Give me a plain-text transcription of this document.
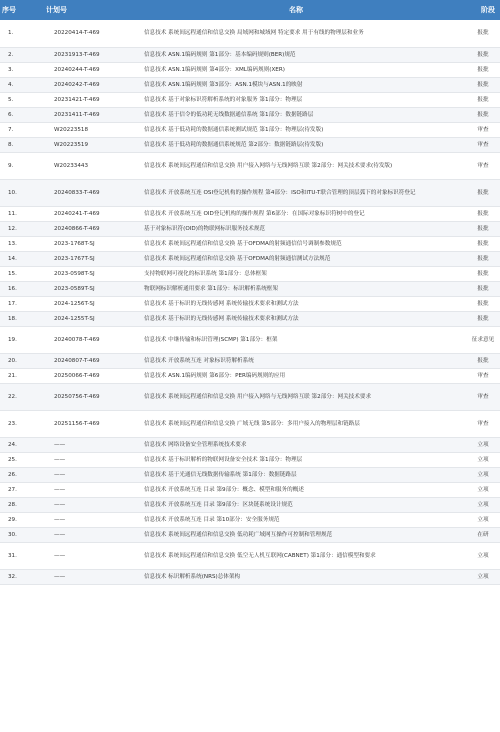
序号	计划号	名称	阶段
1.	20220414-T-469	信息技术 系统间远程通信和信息交换 局域网和城域网 特定要求 用于有线的物理层和业务	报批
2.	20231913-T-469	信息技术 ASN.1编码规则 第1部分：基本编码规则(BER)规范	报批
3.	20240244-T-469	信息技术 ASN.1编码规则 第4部分：XML编码规则(XER)	报批
4.	20240242-T-469	信息技术 ASN.1编码规则 第3部分：ASN.1模块与ASN.1的映射	报批
5.	20231421-T-469	信息技术 基于对象标识符解析系统的对象服务 第1部分：物理层	报批
6.	20231411-T-469	信息技术 基于信令的低功耗无线数据通信系统 第1部分：数据链路层	报批
7.	W20223518	信息技术 基于低功耗的数据通信系统测试规范 第1部分：物理层(待发版)	审查
8.	W20223519	信息技术 基于低功耗的数据通信系统规范 第2部分：数据链路层(待发版)	审查
9.	W20233443	信息技术 系统间远程通信和信息交换 用户接入网络与无线网络互联 第2部分：网关技术要求(待发版)	审查
10.	20240833-T-469	信息技术 开放系统互连 OSI登记机构的操作规程 第4部分：ISO和ITU-T联合管理的顶层弧下的对象标识符登记	报批
11.	20240241-T-469	信息技术 开放系统互连 OID登记机构的操作规程 第6部分：在国际对象标识符树中的登记	报批
12.	20240866-T-469	基于对象标识符(OID)的物联网标识服务技术规范	报批
13.	2023-1768T-SJ	信息技术 系统间远程通信和信息交换 基于OFDMA的射频通信信号调制参数规范	报批
14.	2023-1767T-SJ	信息技术 系统间远程通信和信息交换 基于OFDMA的射频通信测试方法规范	报批
15.	2023-0598T-SJ	支持物联网可视化的标识系统 第1部分：总体框架	报批
16.	2023-0589T-SJ	物联网标识解析通用要求 第1部分：标识解析系统框架	报批
17.	2024-1256T-SJ	信息技术 基于标识的无线传感网 系统传输技术要求和测试方法	报批
18.	2024-1255T-SJ	信息技术 基于标识的无线传感网 系统传输技术要求和测试方法	报批
19.	20240078-T-469	信息技术 中继传输和标识管理(SCMP) 第1部分：框架	征求意见
20.	20240807-T-469	信息技术 开放系统互连 对象标识符解析系统	报批
21.	20250066-T-469	信息技术 ASN.1编码规则 第6部分：PER编码规则的应用	审查
22.	20250756-T-469	信息技术 系统间远程通信和信息交换 用户接入网络与无线网络互联 第2部分：网关技术要求	审查
23.	20251156-T-469	信息技术 系统间远程通信和信息交换 广域无线 第5部分：多用户接入的物理层和链路层	审查
24.	——	信息技术 网络设备安全管理系统技术要求	立项
25.	——	信息技术 基于标识解析的物联网设备安全技术 第1部分：物理层	立项
26.	——	信息技术 基于光通信无线数据传输系统 第1部分：数据链路层	立项
27.	——	信息技术 开放系统互连 目录 第9部分：概念、模型和服务的概述	立项
28.	——	信息技术 开放系统互连 目录 第9部分：区块链系统设计规范	立项
29.	——	信息技术 开放系统互连 目录 第10部分：安全服务规范	立项
30.	——	信息技术 系统间远程通信和信息交换 低功耗广域网互操作可控制和管理规范	在研
31.	——	信息技术 系统间远程通信和信息交换 低空无人机互联网(CABNET) 第1部分：通信模型和要求	立项
32.	——	信息技术 标识解析系统(NRS)总体架构	立项
